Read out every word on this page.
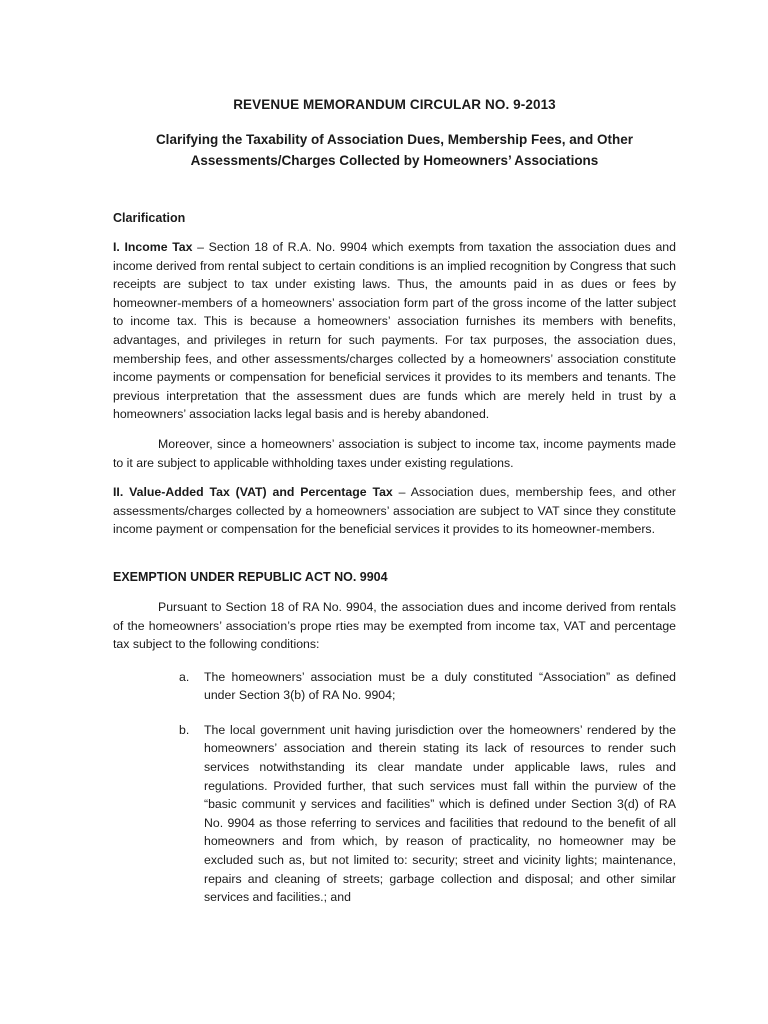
REVENUE MEMORANDUM CIRCULAR NO. 9-2013
Clarifying the Taxability of Association Dues, Membership Fees, and Other
Assessments/Charges Collected by Homeowners’ Associations
Clarification

I. Income Tax – Section 18 of R.A. No. 9904 which exempts from taxation the association dues and income derived from rental subject to certain conditions is an implied recognition by Congress that such receipts are subject to tax under existing laws. Thus, the amounts paid in as dues or fees by homeowner-members of a homeowners’ association form part of the gross income of the latter subject to income tax. This is because a homeowners’ association furnishes its members with benefits, advantages, and privileges in return for such payments. For tax purposes, the association dues, membership fees, and other assessments/charges collected by a homeowners’ association constitute income payments or compensation for beneficial services it provides to its members and tenants. The previous interpretation that the assessment dues are funds which are merely held in trust by a homeowners’ association lacks legal basis and is hereby abandoned.

Moreover, since a homeowners’ association is subject to income tax, income payments made to it are subject to applicable withholding taxes under existing regulations.

II. Value-Added Tax (VAT) and Percentage Tax – Association dues, membership fees, and other assessments/charges collected by a homeowners’ association are subject to VAT since they constitute income payment or compensation for the beneficial services it provides to its homeowner-members.

EXEMPTION UNDER REPUBLIC ACT NO. 9904

Pursuant to Section 18 of RA No. 9904, the association dues and income derived from rentals of the homeowners’ association’s prope rties may be exempted from income tax, VAT and percentage tax subject to the following conditions:

a. The homeowners’ association must be a duly constituted “Association” as defined under Section 3(b) of RA No. 9904;
b. The local government unit having jurisdiction over the homeowners’ rendered by the homeowners’ association and therein stating its lack of resources to render such services notwithstanding its clear mandate under applicable laws, rules and regulations. Provided further, that such services must fall within the purview of the “basic communit y services and facilities” which is defined under Section 3(d) of RA No. 9904 as those referring to services and facilities that redound to the benefit of all homeowners and from which, by reason of practicality, no homeowner may be excluded such as, but not limited to: security; street and vicinity lights; maintenance, repairs and cleaning of streets; garbage collection and disposal; and other similar services and facilities.; and
